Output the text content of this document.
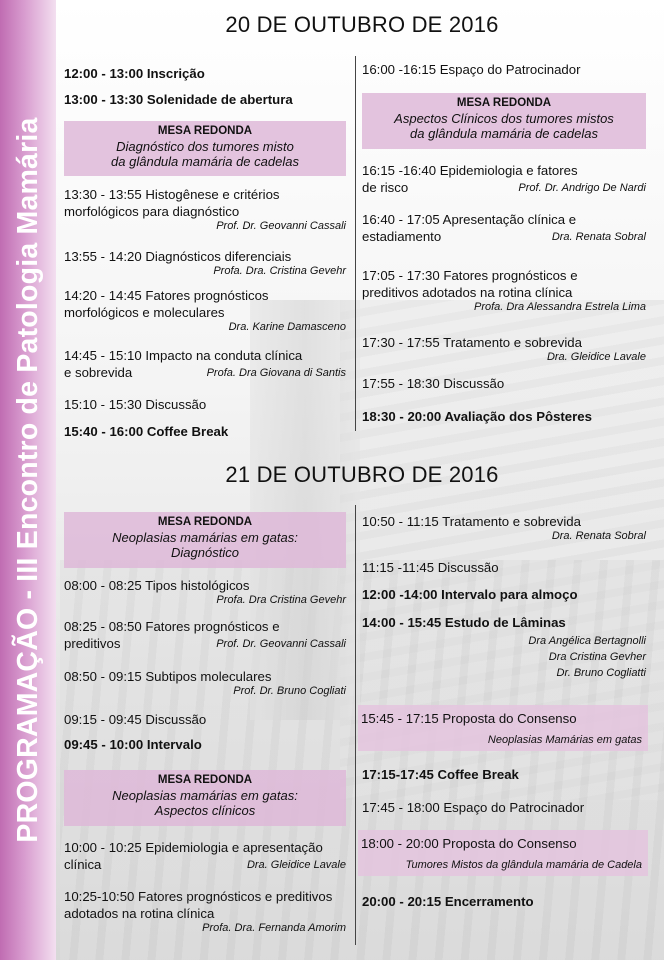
PROGRAMAÇÃO - III Encontro de Patologia Mamária
20 DE OUTUBRO DE 2016
12:00 - 13:00 Inscrição
13:00 - 13:30 Solenidade de abertura
MESA REDONDA
Diagnóstico dos tumores misto
da glândula mamária de cadelas
13:30 - 13:55 Histogênese e critérios
morfológicos para diagnóstico
Prof. Dr. Geovanni Cassali
13:55 - 14:20 Diagnósticos diferenciais
Profa. Dra. Cristina Gevehr
14:20 - 14:45 Fatores prognósticos
morfológicos e moleculares
Dra. Karine Damasceno
14:45 - 15:10 Impacto na conduta clínica
e sobrevida	Profa. Dra Giovana di Santis
15:10 - 15:30 Discussão
15:40 - 16:00 Coffee Break
16:00 -16:15 Espaço do Patrocinador
MESA REDONDA
Aspectos Clínicos dos tumores mistos
da glândula mamária de cadelas
16:15 -16:40 Epidemiologia e fatores
de risco	Prof. Dr. Andrigo De Nardi
16:40 - 17:05 Apresentação clínica e
estadiamento	Dra. Renata Sobral
17:05 - 17:30 Fatores prognósticos e
preditivos adotados na rotina clínica
Profa. Dra Alessandra Estrela Lima
17:30 - 17:55 Tratamento e sobrevida
Dra. Gleidice Lavale
17:55 - 18:30 Discussão
18:30 - 20:00 Avaliação dos Pôsteres
21 DE OUTUBRO DE 2016
MESA REDONDA
Neoplasias mamárias em gatas:
Diagnóstico
08:00 - 08:25 Tipos histológicos
Profa. Dra Cristina Gevehr
08:25 - 08:50 Fatores prognósticos e
preditivos	Prof. Dr. Geovanni Cassali
08:50 - 09:15 Subtipos moleculares
Prof. Dr. Bruno Cogliati
09:15 - 09:45 Discussão
09:45 - 10:00 Intervalo
MESA REDONDA
Neoplasias mamárias em gatas:
Aspectos clínicos
10:00 - 10:25 Epidemiologia e apresentação
clínica	Dra. Gleidice Lavale
10:25-10:50 Fatores prognósticos e preditivos
adotados na rotina clínica
Profa. Dra. Fernanda Amorim
10:50 - 11:15 Tratamento e sobrevida
Dra. Renata Sobral
11:15 -11:45 Discussão
12:00 -14:00 Intervalo para almoço
14:00 - 15:45 Estudo de Lâminas
Dra Angélica Bertagnolli
Dra Cristina Gevher
Dr. Bruno Cogliatti
15:45 - 17:15 Proposta do Consenso
Neoplasias Mamárias em gatas
17:15-17:45 Coffee Break
17:45 - 18:00 Espaço do Patrocinador
18:00 - 20:00 Proposta do Consenso
Tumores Mistos da glândula mamária de Cadela
20:00 - 20:15 Encerramento
